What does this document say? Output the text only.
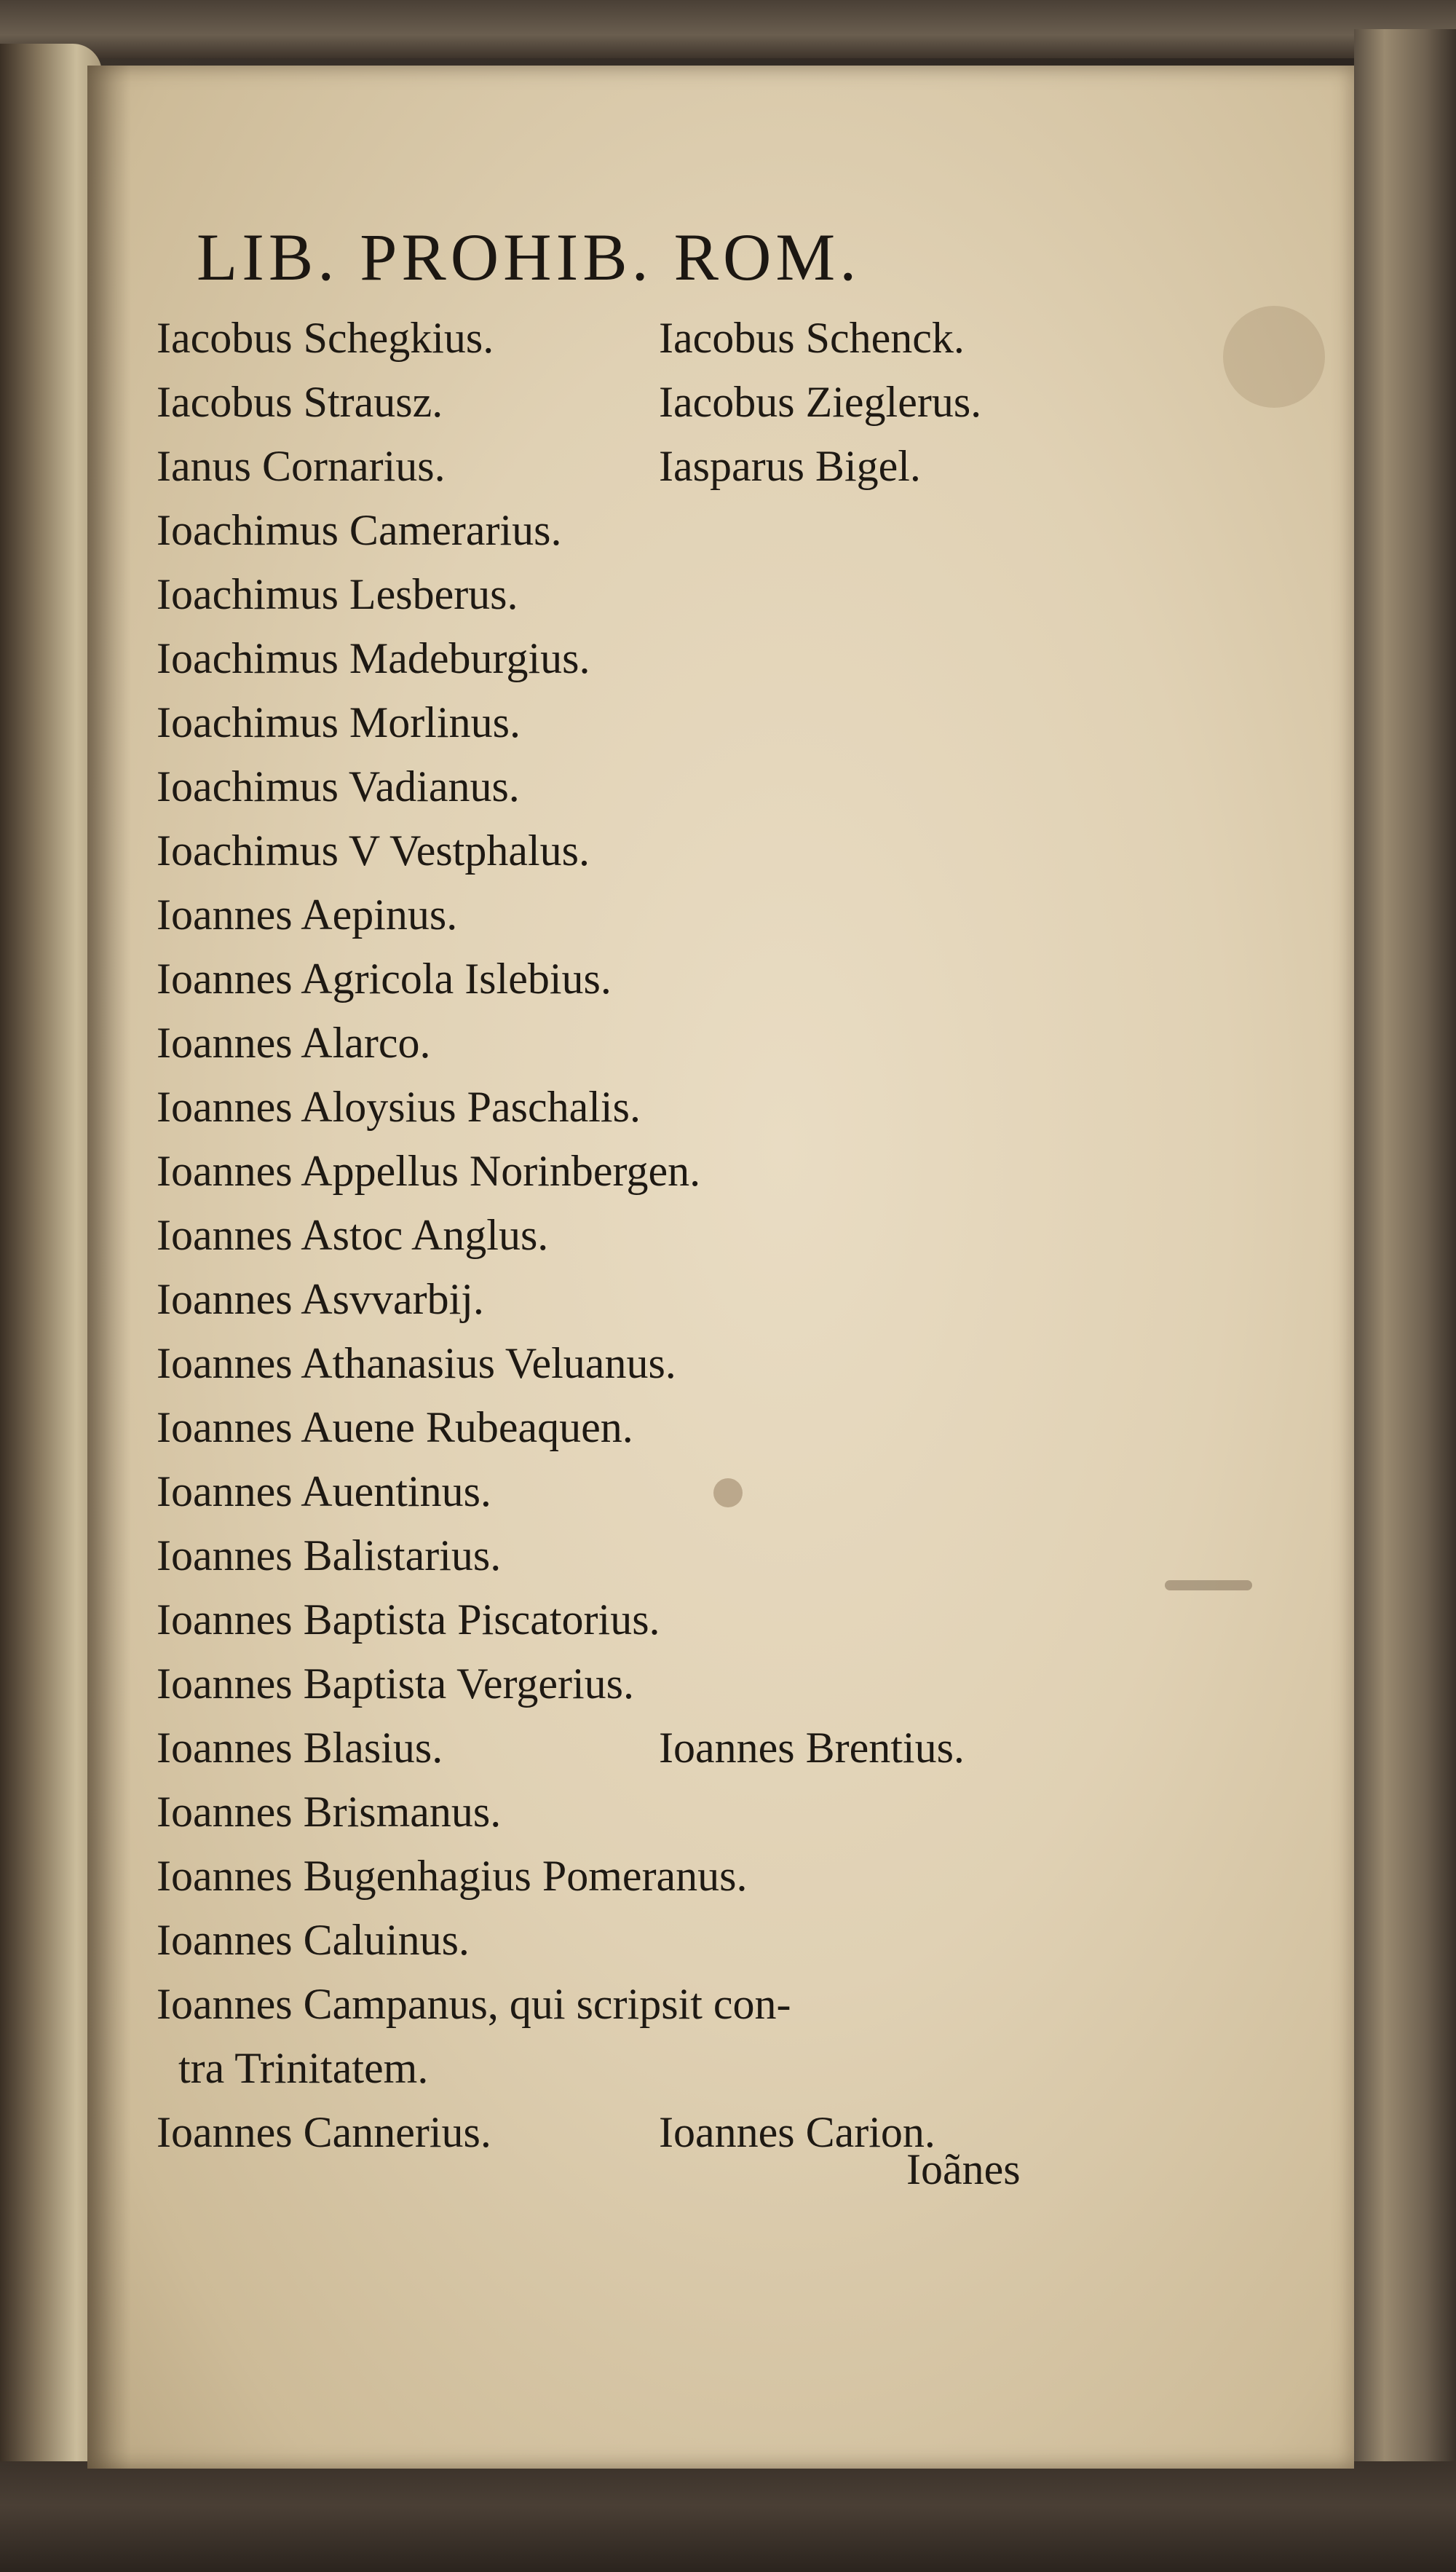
LIB. PROHIB. ROM.
Iacobus Schegkius.	Iacobus Schenck.
Iacobus Strausz.	Iacobus Zieglerus.
Ianus Cornarius.	Iasparus Bigel.
Ioachimus Camerarius.
Ioachimus Lesberus.
Ioachimus Madeburgius.
Ioachimus Morlinus.
Ioachimus Vadianus.
Ioachimus V Vestphalus.
Ioannes Aepinus.
Ioannes Agricola Islebius.
Ioannes Alarco.
Ioannes Aloysius Paschalis.
Ioannes Appellus Norinbergen.
Ioannes Astoc Anglus.
Ioannes Asvvarbij.
Ioannes Athanasius Veluanus.
Ioannes Auene Rubeaquen.
Ioannes Auentinus.
Ioannes Balistarius.
Ioannes Baptista Piscatorius.
Ioannes Baptista Vergerius.
Ioannes Blasius.	Ioannes Brentius.
Ioannes Brismanus.
Ioannes Bugenhagius Pomeranus.
Ioannes Caluinus.
Ioannes Campanus, qui scripsit con-
tra Trinitatem.
Ioannes Cannerius.	Ioannes Carion.
Ioãnes
